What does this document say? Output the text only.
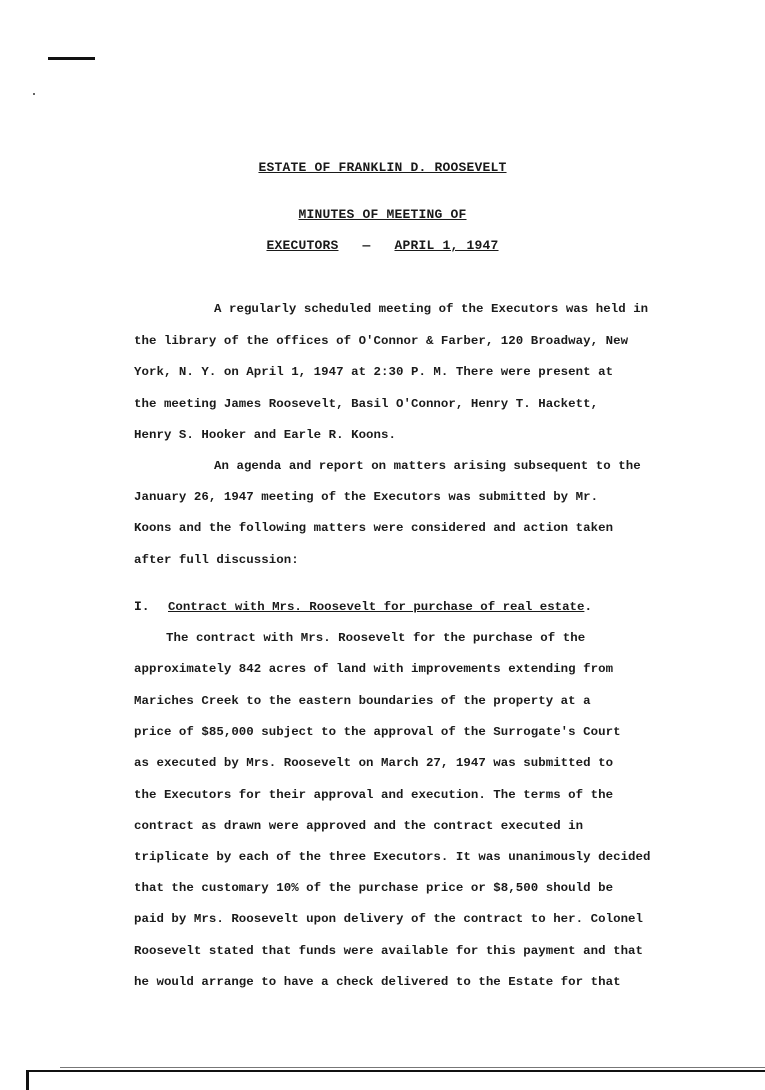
ESTATE OF FRANKLIN D. ROOSEVELT
MINUTES OF MEETING OF
EXECUTORS — APRIL 1, 1947
A regularly scheduled meeting of the Executors was held in
the library of the offices of O'Connor & Farber, 120 Broadway, New
York, N. Y. on April 1, 1947 at 2:30 P. M. There were present at
the meeting James Roosevelt, Basil O'Connor, Henry T. Hackett,
Henry S. Hooker and Earle R. Koons.
An agenda and report on matters arising subsequent to the
January 26, 1947 meeting of the Executors was submitted by Mr.
Koons and the following matters were considered and action taken
after full discussion:
I. Contract with Mrs. Roosevelt for purchase of real estate.
The contract with Mrs. Roosevelt for the purchase of the
approximately 842 acres of land with improvements extending from
Mariches Creek to the eastern boundaries of the property at a
price of $85,000 subject to the approval of the Surrogate's Court
as executed by Mrs. Roosevelt on March 27, 1947 was submitted to
the Executors for their approval and execution. The terms of the
contract as drawn were approved and the contract executed in
triplicate by each of the three Executors. It was unanimously decided
that the customary 10% of the purchase price or $8,500 should be
paid by Mrs. Roosevelt upon delivery of the contract to her. Colonel
Roosevelt stated that funds were available for this payment and that
he would arrange to have a check delivered to the Estate for that
